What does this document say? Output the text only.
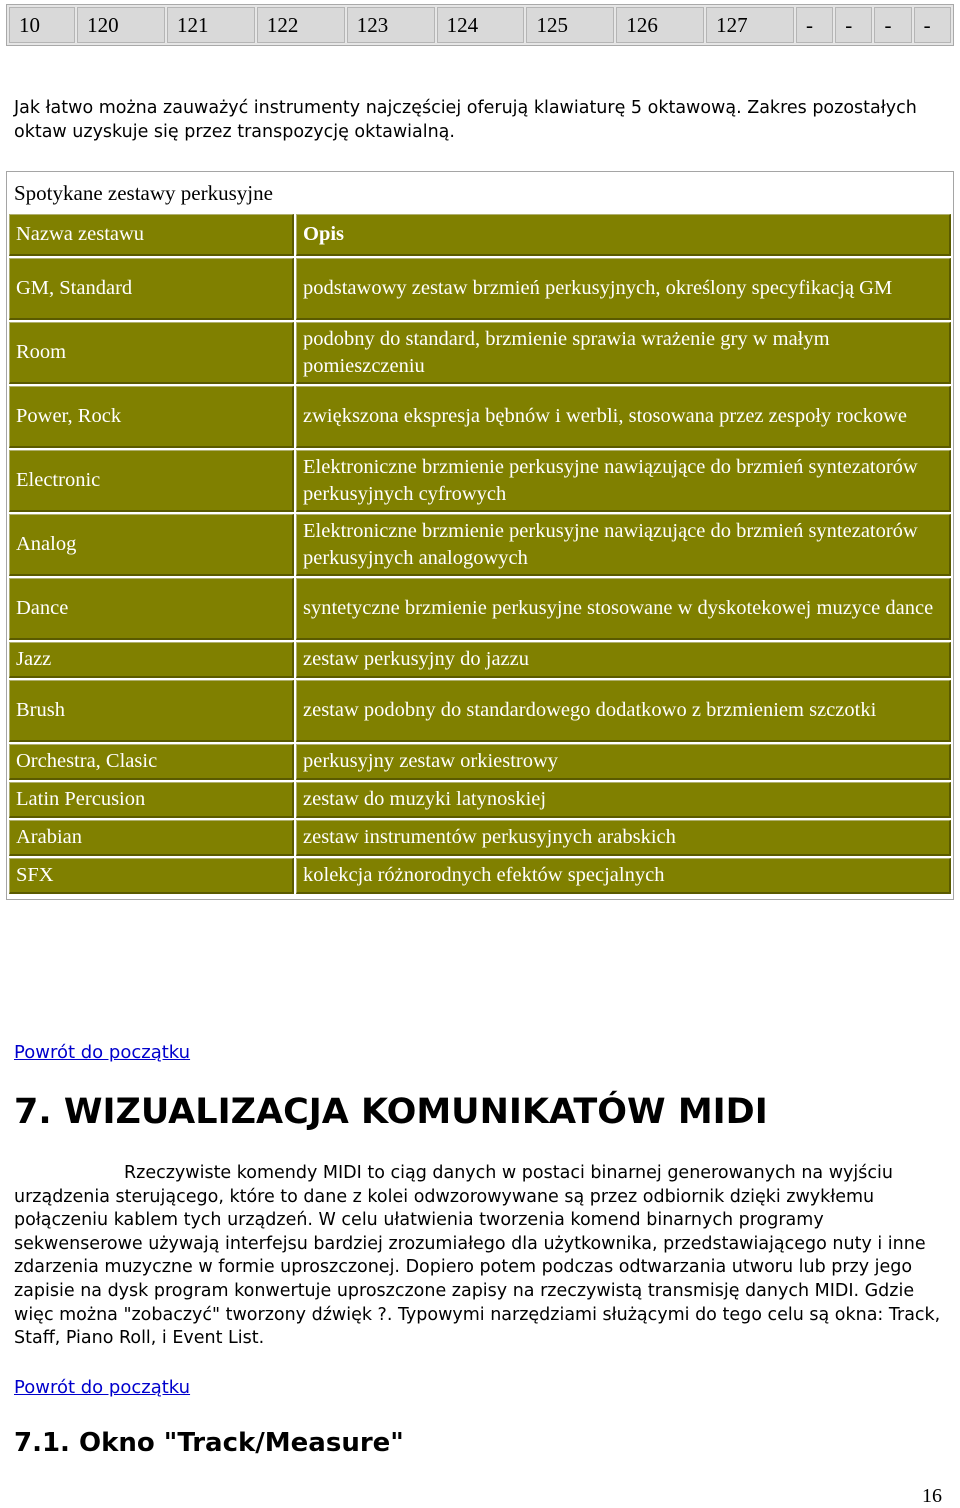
10	120	121	122	123	124	125	126	127	-	-	-	-
Jak łatwo można zauważyć instrumenty najczęściej oferują klawiaturę 5 oktawową. Zakres pozostałych oktaw uzyskuje się przez transpozycję oktawialną.
Spotykane zestawy perkusyjne
Nazwa zestawu	Opis
GM, Standard	podstawowy zestaw brzmień perkusyjnych, określony specyfikacją GM
Room	podobny do standard, brzmienie sprawia wrażenie gry w małym pomieszczeniu
Power, Rock	zwiększona ekspresja bębnów i werbli, stosowana przez zespoły rockowe
Electronic	Elektroniczne brzmienie perkusyjne nawiązujące do brzmień syntezatorów perkusyjnych cyfrowych
Analog	Elektroniczne brzmienie perkusyjne nawiązujące do brzmień syntezatorów perkusyjnych analogowych
Dance	syntetyczne brzmienie perkusyjne stosowane w dyskotekowej muzyce dance
Jazz	zestaw perkusyjny do jazzu
Brush	zestaw podobny do standardowego dodatkowo z brzmieniem szczotki
Orchestra, Clasic	perkusyjny zestaw orkiestrowy
Latin Percusion	zestaw do muzyki latynoskiej
Arabian	zestaw instrumentów perkusyjnych arabskich
SFX	kolekcja różnorodnych efektów specjalnych
Powrót do początku
7. WIZUALIZACJA KOMUNIKATÓW MIDI
Rzeczywiste komendy MIDI to ciąg danych w postaci binarnej generowanych na wyjściu urządzenia sterującego, które to dane z kolei odwzorowywane są przez odbiornik dzięki zwykłemu połączeniu kablem tych urządzeń. W celu ułatwienia tworzenia komend binarnych programy sekwenserowe używają interfejsu bardziej zrozumiałego dla użytkownika, przedstawiającego nuty i inne zdarzenia muzyczne w formie uproszczonej. Dopiero potem podczas odtwarzania utworu lub przy jego zapisie na dysk program konwertuje uproszczone zapisy na rzeczywistą transmisję danych MIDI. Gdzie więc można "zobaczyć" tworzony dźwięk ?. Typowymi narzędziami służącymi do tego celu są okna: Track, Staff, Piano Roll, i Event List.
Powrót do początku
7.1. Okno "Track/Measure"
16
